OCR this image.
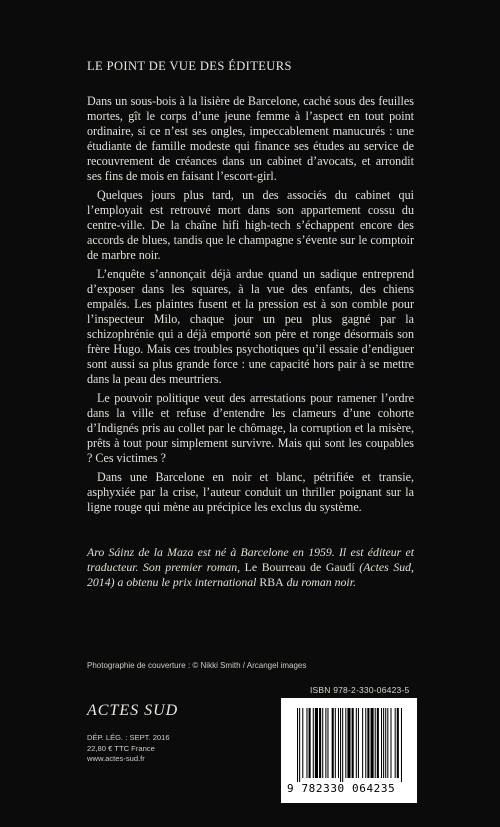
LE POINT DE VUE DES ÉDITEURS

Dans un sous-bois à la lisière de Barcelone, caché sous des feuilles mortes, gît le corps d’une jeune femme à l’aspect en tout point ordinaire, si ce n’est ses ongles, impeccablement manucurés : une étudiante de famille modeste qui finance ses études au service de recouvrement de créances dans un cabinet d’avocats, et arrondit ses fins de mois en faisant l’escort-girl.

Quelques jours plus tard, un des associés du cabinet qui l’employait est retrouvé mort dans son appartement cossu du centre-ville. De la chaîne hifi high-tech s’échappent encore des accords de blues, tandis que le champagne s’évente sur le comptoir de marbre noir.

L’enquête s’annonçait déjà ardue quand un sadique entreprend d’exposer dans les squares, à la vue des enfants, des chiens empalés. Les plaintes fusent et la pression est à son comble pour l’inspecteur Milo, chaque jour un peu plus gagné par la schizophrénie qui a déjà emporté son père et ronge désormais son frère Hugo. Mais ces troubles psychotiques qu’il essaie d’endiguer sont aussi sa plus grande force : une capacité hors pair à se mettre dans la peau des meurtriers.

Le pouvoir politique veut des arrestations pour ramener l’ordre dans la ville et refuse d’entendre les clameurs d’une cohorte d’Indignés pris au collet par le chômage, la corruption et la misère, prêts à tout pour simplement survivre. Mais qui sont les coupables ? Ces victimes ?

Dans une Barcelone en noir et blanc, pétrifiée et transie, asphyxiée par la crise, l’auteur conduit un thriller poignant sur la ligne rouge qui mène au précipice les exclus du système.

Aro Sáinz de la Maza est né à Barcelone en 1959. Il est éditeur et traducteur. Son premier roman, Le Bourreau de Gaudí (Actes Sud, 2014) a obtenu le prix international RBA du roman noir.
Photographie de couverture : © Nikki Smith / Arcangel images
ISBN 978-2-330-06423-5
ACTES SUD
DÉP. LÉG. : SEPT. 2016
22,80 € TTC France
www.actes-sud.fr
9 782330 064235
